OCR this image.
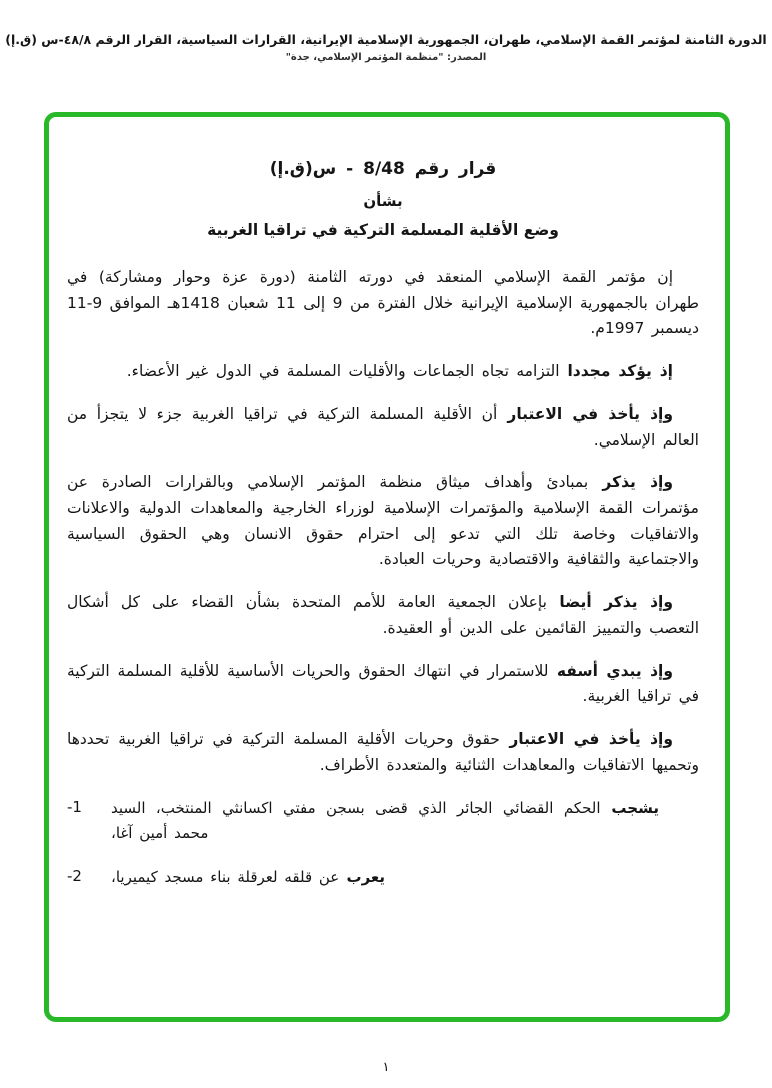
الدورة الثامنة لمؤتمر القمة الإسلامي، طهران، الجمهورية الإسلامية الإيرانية، القرارات السياسية، القرار الرقم ٤٨/٨-س (ق.إ)
المصدر: "منظمة المؤتمر الإسلامي، جدة"
قرار رقم 8/48 - س(ق.إ)
بشأن
وضع الأقلية المسلمة التركية في تراقيا الغربية

إن مؤتمر القمة الإسلامي المنعقد في دورته الثامنة (دورة عزة وحوار ومشاركة) في طهران بالجمهورية الإسلامية الإيرانية خلال الفترة من 9 إلى 11 شعبان 1418هـ الموافق 9-11 ديسمبر 1997م.

إذ يؤكد مجدداالتزامه تجاه الجماعات والأقليات المسلمة في الدول غير الأعضاء.

وإذ يأخذ في الاعتبارأن الأقلية المسلمة التركية في تراقيا الغربية جزء لا يتجزأ من العالم الإسلامي.

وإذ يذكربمبادئ وأهداف ميثاق منظمة المؤتمر الإسلامي وبالقرارات الصادرة عن مؤتمرات القمة الإسلامية والمؤتمرات الإسلامية لوزراء الخارجية والمعاهدات الدولية والاعلانات والاتفاقيات وخاصة تلك التي تدعو إلى احترام حقوق الانسان وهي الحقوق السياسية والاجتماعية والثقافية والاقتصادية وحريات العبادة.

وإذ يذكر أيضابإعلان الجمعية العامة للأمم المتحدة بشأن القضاء على كل أشكال التعصب والتمييز القائمين على الدين أو العقيدة.

وإذ يبدي أسفهللاستمرار في انتهاك الحقوق والحريات الأساسية للأقلية المسلمة التركية في تراقيا الغربية.

وإذ يأخذ في الاعتبارحقوق وحريات الأقلية المسلمة التركية في تراقيا الغربية تحددها وتحميها الاتفاقيات والمعاهدات الثنائية والمتعددة الأطراف.

-1	يشجبالحكم القضائي الجائر الذي قضى بسجن مفتي اكسانثي المنتخب، السيد محمد أمين آغا،

-2	يعربعن قلقه لعرقلة بناء مسجد كيميريا،

١
